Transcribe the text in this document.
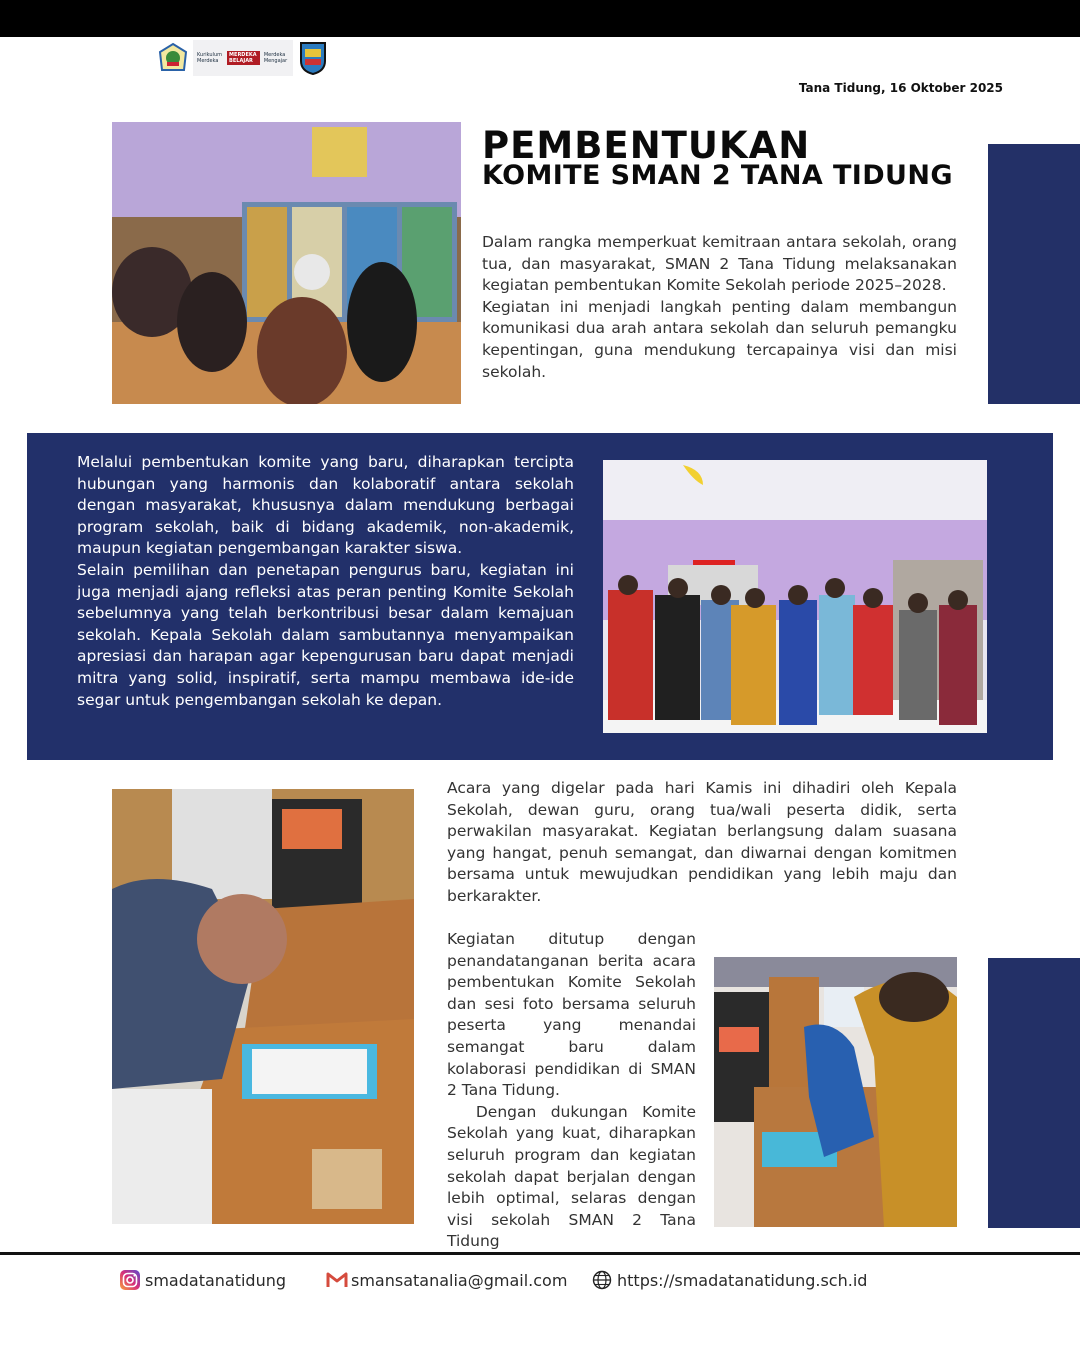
Kurikulum Merdeka
MERDEKA BELAJAR
Merdeka Mengajar
Tana Tidung, 16 Oktober 2025
PEMBENTUKAN
KOMITE SMAN 2 TANA TIDUNG

Dalam rangka memperkuat kemitraan antara sekolah, orang tua, dan masyarakat, SMAN 2 Tana Tidung melaksanakan kegiatan pembentukan Komite Sekolah periode 2025–2028.

Kegiatan ini menjadi langkah penting dalam membangun komunikasi dua arah antara sekolah dan seluruh pemangku kepentingan, guna mendukung tercapainya visi dan misi sekolah.

Melalui pembentukan komite yang baru, diharapkan tercipta hubungan yang harmonis dan kolaboratif antara sekolah dengan masyarakat, khususnya dalam mendukung berbagai program sekolah, baik di bidang akademik, non-akademik, maupun kegiatan pengembangan karakter siswa.

Selain pemilihan dan penetapan pengurus baru, kegiatan ini juga menjadi ajang refleksi atas peran penting Komite Sekolah sebelumnya yang telah berkontribusi besar dalam kemajuan sekolah. Kepala Sekolah dalam sambutannya menyampaikan apresiasi dan harapan agar kepengurusan baru dapat menjadi mitra yang solid, inspiratif, serta mampu membawa ide-ide segar untuk pengembangan sekolah ke depan.

Acara yang digelar pada hari Kamis ini dihadiri oleh Kepala Sekolah, dewan guru, orang tua/wali peserta didik, serta perwakilan masyarakat. Kegiatan berlangsung dalam suasana yang hangat, penuh semangat, dan diwarnai dengan komitmen bersama untuk mewujudkan pendidikan yang lebih maju dan berkarakter.

Kegiatan ditutup dengan penandatanganan berita acara pembentukan Komite Sekolah dan sesi foto bersama seluruh peserta yang menandai semangat baru dalam kolaborasi pendidikan di SMAN 2 Tana Tidung.

Dengan dukungan Komite Sekolah yang kuat, diharapkan seluruh program dan kegiatan sekolah dapat berjalan dengan lebih optimal, selaras dengan visi sekolah SMAN 2 Tana Tidung

smadatanatidung	smansatanalia@gmail.com	https://smadatanatidung.sch.id
